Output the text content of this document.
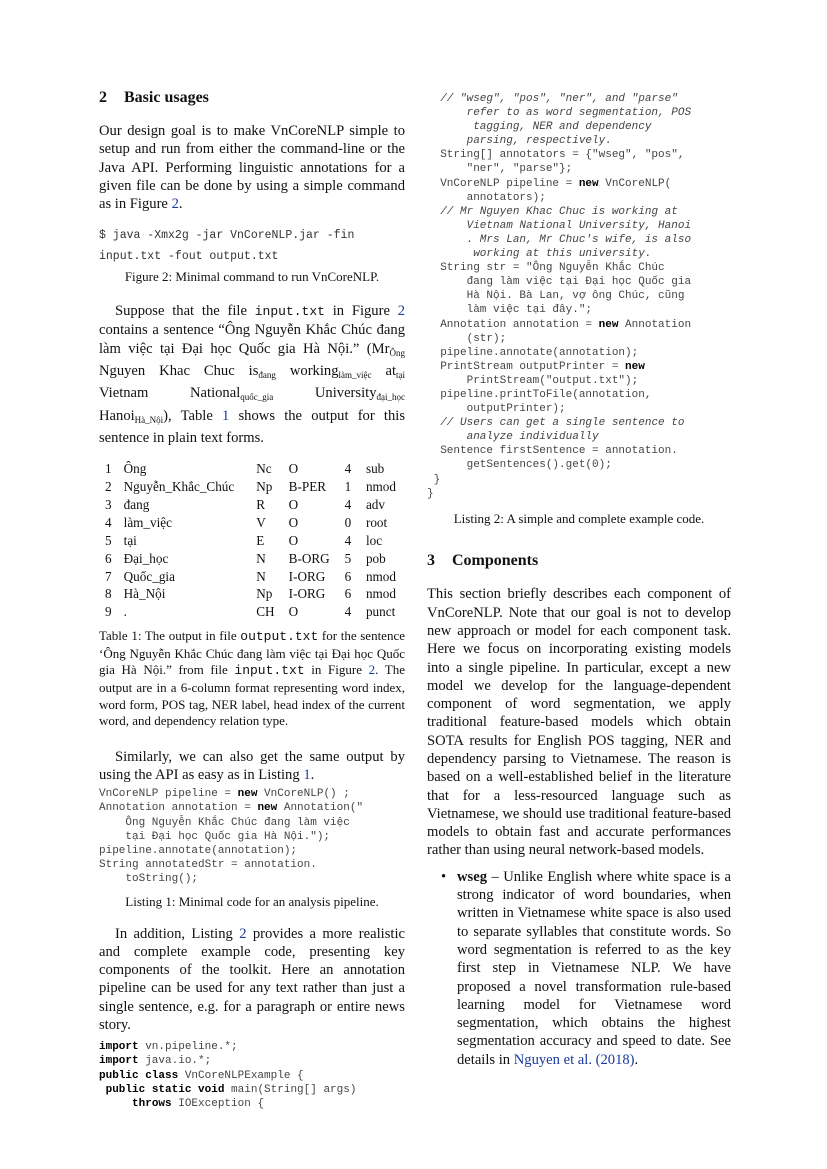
2 Basic usages

Our design goal is to make VnCoreNLP simple to setup and run from either the command-line or the Java API. Performing linguistic annotations for a given file can be done by using a simple command as in Figure 2.

$ java -Xmx2g -jar VnCoreNLP.jar -fin
input.txt -fout output.txt
Figure 2: Minimal command to run VnCoreNLP.

Suppose that the file input.txt in Figure 2 contains a sentence “Ông Nguyễn Khắc Chúc đang làm việc tại Đại học Quốc gia Hà Nội.” ($Mr_{Ông}$ Nguyen Khac Chuc $is_{đang}$ working$_{làm\_việc}$ $at_{tại}$ Vietnam National$_{quốc\_gia}$ University$_{đại\_học}$ Hanoi$_{Hà\_Nội}$), Table 1 shows the output for this sentence in plain text forms.

1	Ông	Nc	O	4	sub
2	Nguyễn_Khắc_Chúc	Np	B-PER	1	nmod
3	đang	R	O	4	adv
4	làm_việc	V	O	0	root
5	tại	E	O	4	loc
6	Đại_học	N	B-ORG	5	pob
7	Quốc_gia	N	I-ORG	6	nmod
8	Hà_Nội	Np	I-ORG	6	nmod
9	.	CH	O	4	punct
Table 1: The output in file output.txt for the sentence ‘Ông Nguyễn Khắc Chúc đang làm việc tại Đại học Quốc gia Hà Nội.” from file input.txt in Figure 2. The output are in a 6-column format representing word index, word form, POS tag, NER label, head index of the current word, and dependency relation type.

Similarly, we can also get the same output by using the API as easy as in Listing 1.

VnCoreNLP pipeline = new VnCoreNLP() ;
Annotation annotation = new Annotation("
Ông Nguyễn Khắc Chúc đang làm việc
tại Đại học Quốc gia Hà Nội.");
pipeline.annotate(annotation);
String annotatedStr = annotation.
toString();
Listing 1: Minimal code for an analysis pipeline.

In addition, Listing 2 provides a more realistic and complete example code, presenting key components of the toolkit. Here an annotation pipeline can be used for any text rather than just a single sentence, e.g. for a paragraph or entire news story.

import vn.pipeline.*;
import java.io.*;
public class VnCoreNLPExample {
public static void main(String[] args)
throws IOException {
// "wseg", "pos", "ner", and "parse"
refer to as word segmentation, POS
tagging, NER and dependency
parsing, respectively.
String[] annotators = {"wseg", "pos",
"ner", "parse"};
VnCoreNLP pipeline = new VnCoreNLP(
annotators);
// Mr Nguyen Khac Chuc is working at
Vietnam National University, Hanoi
. Mrs Lan, Mr Chuc's wife, is also
working at this university.
String str = "Ông Nguyễn Khắc Chúc
đang làm việc tại Đại học Quốc gia
Hà Nội. Bà Lan, vợ ông Chúc, cũng
làm việc tại đây.";
Annotation annotation = new Annotation
(str);
pipeline.annotate(annotation);
PrintStream outputPrinter = new
PrintStream("output.txt");
pipeline.printToFile(annotation,
outputPrinter);
// Users can get a single sentence to
analyze individually
Sentence firstSentence = annotation.
getSentences().get(0);
}
}
Listing 2: A simple and complete example code.
3 Components

This section briefly describes each component of VnCoreNLP. Note that our goal is not to develop new approach or model for each component task. Here we focus on incorporating existing models into a single pipeline. In particular, except a new model we develop for the language-dependent component of word segmentation, we apply traditional feature-based models which obtain SOTA results for English POS tagging, NER and dependency parsing to Vietnamese. The reason is based on a well-established belief in the literature that for a less-resourced language such as Vietnamese, we should use traditional feature-based models to obtain fast and accurate performances rather than using neural network-based models.

• wseg – Unlike English where white space is a strong indicator of word boundaries, when written in Vietnamese white space is also used to separate syllables that constitute words. So word segmentation is referred to as the key first step in Vietnamese NLP. We have proposed a novel transformation rule-based learning model for Vietnamese word segmentation, which obtains the highest segmentation accuracy and speed to date. See details in Nguyen et al. (2018).
